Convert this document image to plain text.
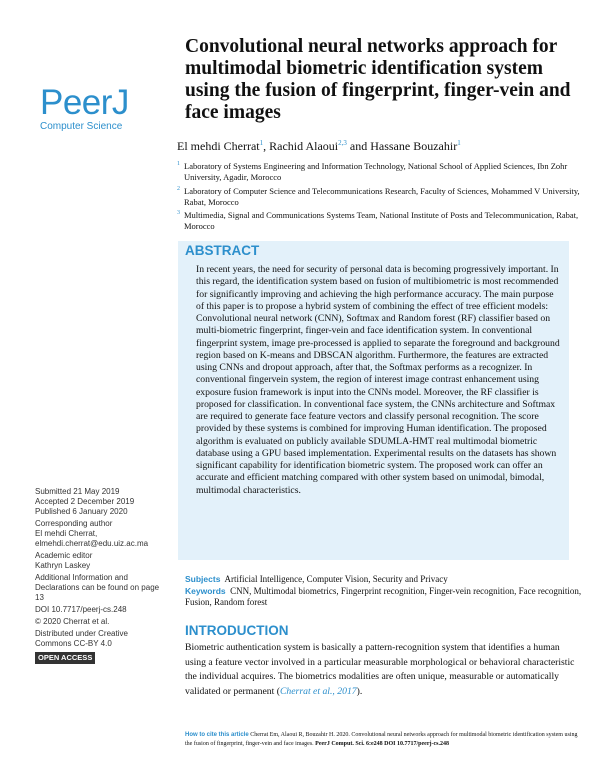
PeerJ
Computer Science
Convolutional neural networks approach for multimodal biometric identification system using the fusion of fingerprint, finger-vein and face images
El mehdi Cherrat$^1$, Rachid Alaoui$^{2,3}$ and Hassane Bouzahir$^1$
1 Laboratory of Systems Engineering and Information Technology, National School of Applied Sciences, Ibn Zohr University, Agadir, Morocco
2 Laboratory of Computer Science and Telecommunications Research, Faculty of Sciences, Mohammed V University, Rabat, Morocco
3 Multimedia, Signal and Communications Systems Team, National Institute of Posts and Telecommunication, Rabat, Morocco
ABSTRACT
In recent years, the need for security of personal data is becoming progressively important. In this regard, the identification system based on fusion of multibiometric is most recommended for significantly improving and achieving the high performance accuracy. The main purpose of this paper is to propose a hybrid system of combining the effect of tree efficient models: Convolutional neural network (CNN), Softmax and Random forest (RF) classifier based on multi-biometric fingerprint, finger-vein and face identification system. In conventional fingerprint system, image pre-processed is applied to separate the foreground and background region based on K-means and DBSCAN algorithm. Furthermore, the features are extracted using CNNs and dropout approach, after that, the Softmax performs as a recognizer. In conventional fingervein system, the region of interest image contrast enhancement using exposure fusion framework is input into the CNNs model. Moreover, the RF classifier is proposed for classification. In conventional face system, the CNNs architecture and Softmax are required to generate face feature vectors and classify personal recognition. The score provided by these systems is combined for improving Human identification. The proposed algorithm is evaluated on publicly available SDUMLA-HMT real multimodal biometric database using a GPU based implementation. Experimental results on the datasets has shown significant capability for identification biometric system. The proposed work can offer an accurate and efficient matching compared with other system based on unimodal, bimodal, multimodal characteristics.
Submitted 21 May 2019
Accepted 2 December 2019
Published 6 January 2020
Corresponding author
El mehdi Cherrat,
elmehdi.cherrat@edu.uiz.ac.ma
Academic editor
Kathryn Laskey
Additional Information and Declarations can be found on page 13
DOI 10.7717/peerj-cs.248
© 2020 Cherrat et al.
Distributed under Creative Commons CC-BY 4.0
OPEN ACCESS
Subjects Artificial Intelligence, Computer Vision, Security and Privacy
Keywords CNN, Multimodal biometrics, Fingerprint recognition, Finger-vein recognition, Face recognition, Fusion, Random forest
INTRODUCTION
Biometric authentication system is basically a pattern-recognition system that identifies a human using a feature vector involved in a particular measurable morphological or behavioral characteristic the individual acquires. The biometrics modalities are often unique, measurable or automatically validated or permanent (Cherrat et al., 2017).
How to cite this article Cherrat Em, Alaoui R, Bouzahir H. 2020. Convolutional neural networks approach for multimodal biometric identification system using the fusion of fingerprint, finger-vein and face images. PeerJ Comput. Sci. 6:e248 DOI 10.7717/peerj-cs.248
